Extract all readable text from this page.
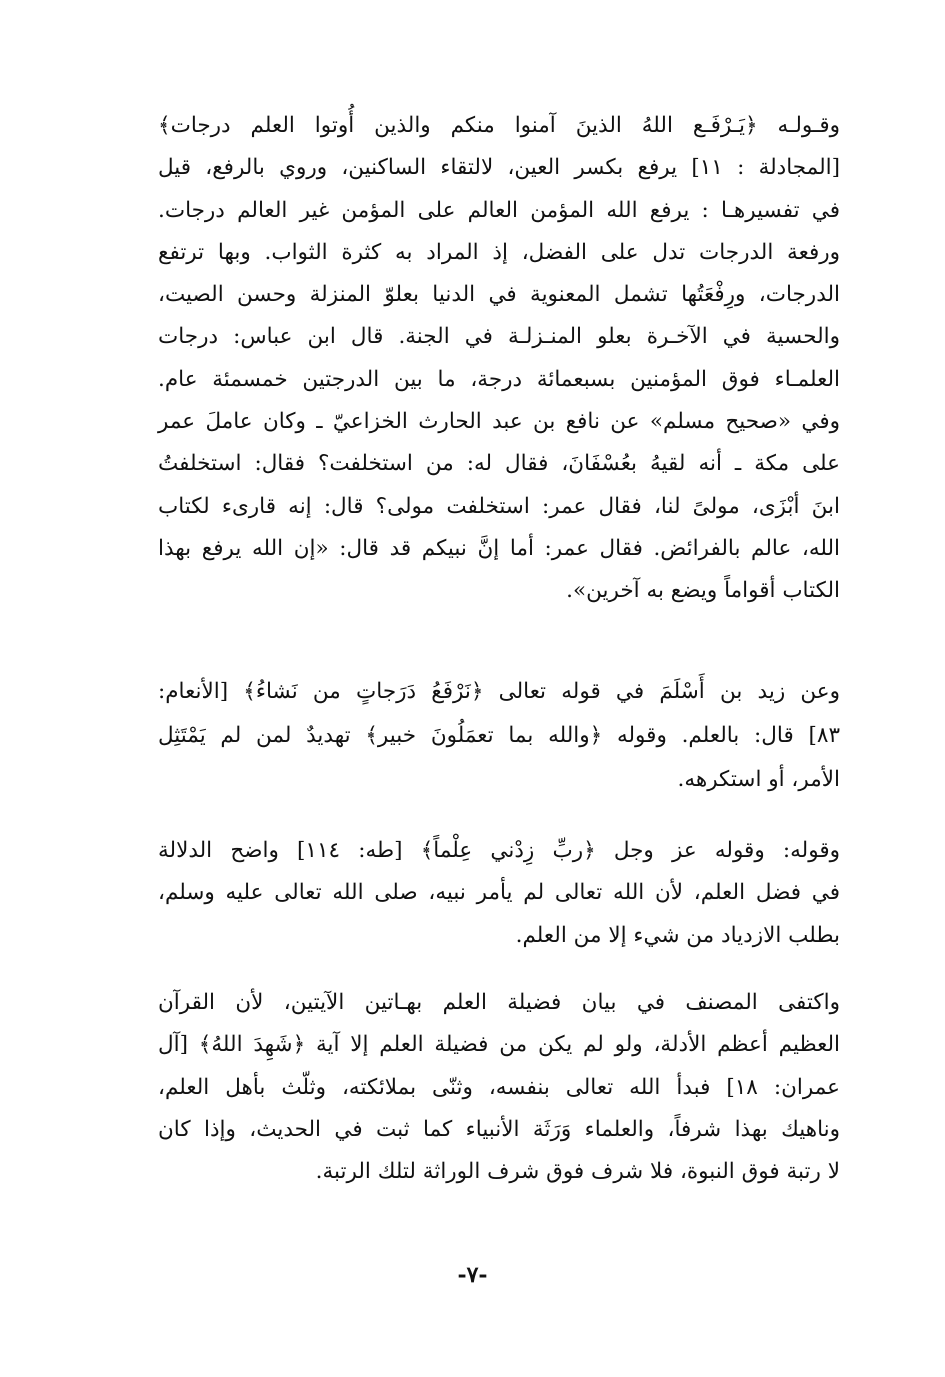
وقـولـه ﴿يَـرْفَـع اللهُ الذينَ آمنوا منكم والذين أُوتوا العلم درجات﴾
[المجادلة : ١١] يرفع بكسر العين، لالتقاء الساكنين، وروي بالرفع، قيل
في تفسيرهـا : يرفع الله المؤمن العالم على المؤمن غير العالم درجات.
ورفعة الدرجات تدل على الفضل، إذ المراد به كثرة الثواب. وبها ترتفع
الدرجات، ورِفْعَتُها تشمل المعنوية في الدنيا بعلوّ المنزلة وحسن الصيت،
والحسية في الآخـرة بعلو المنـزلـة في الجنة. قال ابن عباس: درجات
العلمـاء فوق المؤمنين بسبعمائة درجة، ما بين الدرجتين خمسمئة عام.
وفي «صحيح مسلم» عن نافع بن عبد الحارث الخزاعيّ ـ وكان عاملَ عمر
على مكة ـ أنه لقيهُ بعُسْفَانَ، فقال له: من استخلفت؟ فقال: استخلفتُ
ابنَ أبْزَى، مولىً لنا، فقال عمر: استخلفت مولى؟ قال: إنه قارىء لكتاب
الله، عالم بالفرائض. فقال عمر: أما إنَّ نبيكم قد قال: «إن الله يرفع بهذا
الكتاب أقواماً ويضع به آخرين».
وعن زيد بن أَسْلَمَ في قوله تعالى ﴿نَرْفَعُ دَرَجاتٍ من نَشاءُ﴾ [الأنعام:
٨٣] قال: بالعلم. وقوله ﴿والله بما تعمَلُونَ خبير﴾ تهديدٌ لمن لم يَمْتَثِل
الأمر، أو استكرهه.
وقوله: وقوله عز وجل ﴿ربِّ زِدْني عِلْماً﴾ [طه: ١١٤] واضح الدلالة
في فضل العلم، لأن الله تعالى لم يأمر نبيه، صلى الله تعالى عليه وسلم،
بطلب الازدياد من شيء إلا من العلم.
واكتفى المصنف في بيان فضيلة العلم بهـاتين الآيتين، لأن القرآن
العظيم أعظم الأدلة، ولو لم يكن من فضيلة العلم إلا آية ﴿شَهِدَ اللهُ﴾ [آل
عمران: ١٨] فبدأ الله تعالى بنفسه، وثنّى بملائكته، وثلّث بأهل العلم،
وناهيك بهذا شرفاً، والعلماء وَرَثَة الأنبياء كما ثبت في الحديث، وإذا كان
لا رتبة فوق النبوة، فلا شرف فوق شرف الوراثة لتلك الرتبة.
-٧-
